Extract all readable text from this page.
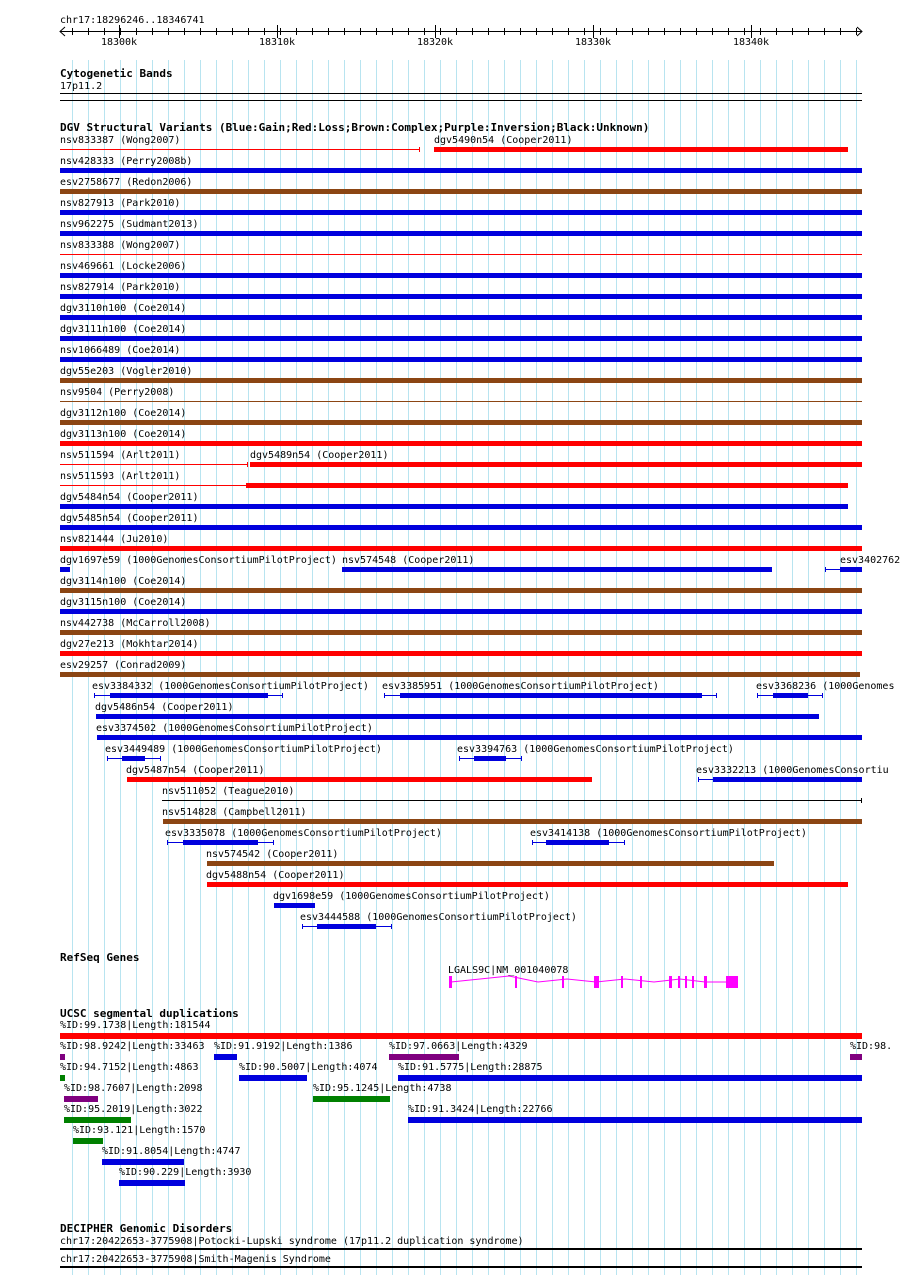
chr17:18296246..18346741
18300k	18310k	18320k	18330k	18340k
Cytogenetic Bands
17p11.2
DGV Structural Variants (Blue:Gain;Red:Loss;Brown:Complex;Purple:Inversion;Black:Unknown)
nsv833387 (Wong2007)	dgv5490n54 (Cooper2011)
nsv428333 (Perry2008b)
esv2758677 (Redon2006)
nsv827913 (Park2010)
nsv962275 (Sudmant2013)
nsv833388 (Wong2007)
nsv469661 (Locke2006)
nsv827914 (Park2010)
dgv3110n100 (Coe2014)
dgv3111n100 (Coe2014)
nsv1066489 (Coe2014)
dgv55e203 (Vogler2010)
nsv9504 (Perry2008)
dgv3112n100 (Coe2014)
dgv3113n100 (Coe2014)
nsv511594 (Arlt2011)	dgv5489n54 (Cooper2011)
nsv511593 (Arlt2011)
dgv5484n54 (Cooper2011)
dgv5485n54 (Cooper2011)
nsv821444 (Ju2010)
dgv1697e59 (1000GenomesConsortiumPilotProject) nsv574548 (Cooper2011)	esv3402762
dgv3114n100 (Coe2014)
dgv3115n100 (Coe2014)
nsv442738 (McCarroll2008)
dgv27e213 (Mokhtar2014)
esv29257 (Conrad2009)
esv3384332 (1000GenomesConsortiumPilotProject) esv3385951 (1000GenomesConsortiumPilotProject)	esv3368236 (1000Genomes
dgv5486n54 (Cooper2011)
esv3374502 (1000GenomesConsortiumPilotProject)
esv3449489 (1000GenomesConsortiumPilotProject)	esv3394763 (1000GenomesConsortiumPilotProject)
dgv5487n54 (Cooper2011)	esv3332213 (1000GenomesConsortiu
nsv511052 (Teague2010)
nsv514828 (Campbell2011)
esv3335078 (1000GenomesConsortiumPilotProject)	esv3414138 (1000GenomesConsortiumPilotProject)
nsv574542 (Cooper2011)
dgv5488n54 (Cooper2011)
dgv1698e59 (1000GenomesConsortiumPilotProject)
esv3444588 (1000GenomesConsortiumPilotProject)
RefSeq Genes
LGALS9C|NM_001040078
UCSC segmental duplications
%ID:99.1738|Length:181544
%ID:98.9242|Length:33463 %ID:91.9192|Length:1386	%ID:97.0663|Length:4329	%ID:98.
%ID:94.7152|Length:4863	%ID:90.5007|Length:4074 %ID:91.5775|Length:28875
%ID:98.7607|Length:2098	%ID:95.1245|Length:4738
%ID:95.2019|Length:3022	%ID:91.3424|Length:22766
%ID:93.121|Length:1570
%ID:91.8054|Length:4747
%ID:90.229|Length:3930
DECIPHER Genomic Disorders
chr17:20422653-3775908|Potocki-Lupski syndrome (17p11.2 duplication syndrome)
chr17:20422653-3775908|Smith-Magenis Syndrome
